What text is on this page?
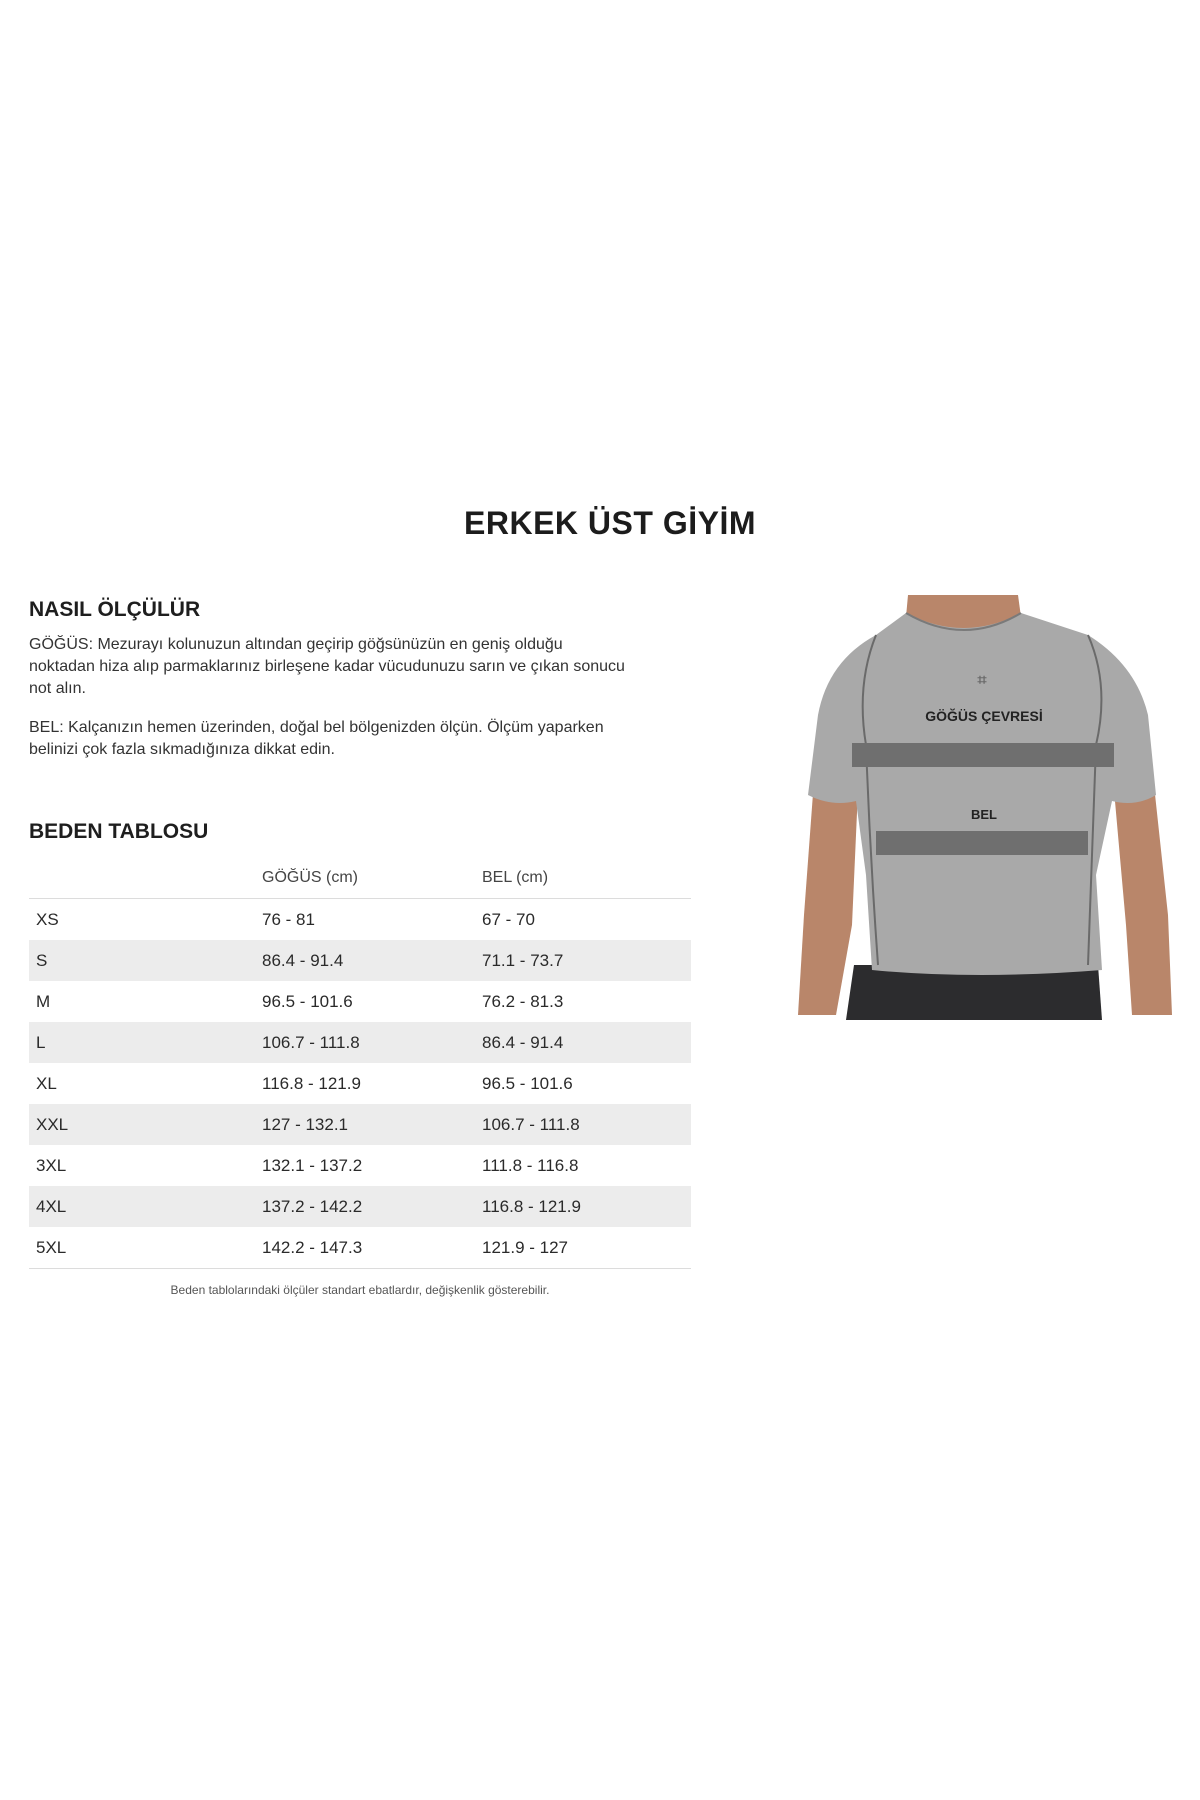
ERKEK ÜST GİYİM
NASIL ÖLÇÜLÜR

GÖĞÜS: Mezurayı kolunuzun altından geçirip göğsünüzün en geniş olduğu noktadan hiza alıp parmaklarınız birleşene kadar vücudunuzu sarın ve çıkan sonucu not alın.

BEL: Kalçanızın hemen üzerinden, doğal bel bölgenizden ölçün. Ölçüm yaparken belinizi çok fazla sıkmadığınıza dikkat edin.

BEDEN TABLOSU
	GÖĞÜS (cm)	BEL (cm)
XS	76 - 81	67 - 70
S	86.4 - 91.4	71.1 - 73.7
M	96.5 - 101.6	76.2 - 81.3
L	106.7 - 111.8	86.4 - 91.4
XL	116.8 - 121.9	96.5 - 101.6
XXL	127 - 132.1	106.7 - 111.8
3XL	132.1 - 137.2	111.8 - 116.8
4XL	137.2 - 142.2	116.8 - 121.9
5XL	142.2 - 147.3	121.9 - 127
Beden tablolarındaki ölçüler standart ebatlardır, değişkenlik gösterebilir.
⌗
GÖĞÜS ÇEVRESİ
BEL
